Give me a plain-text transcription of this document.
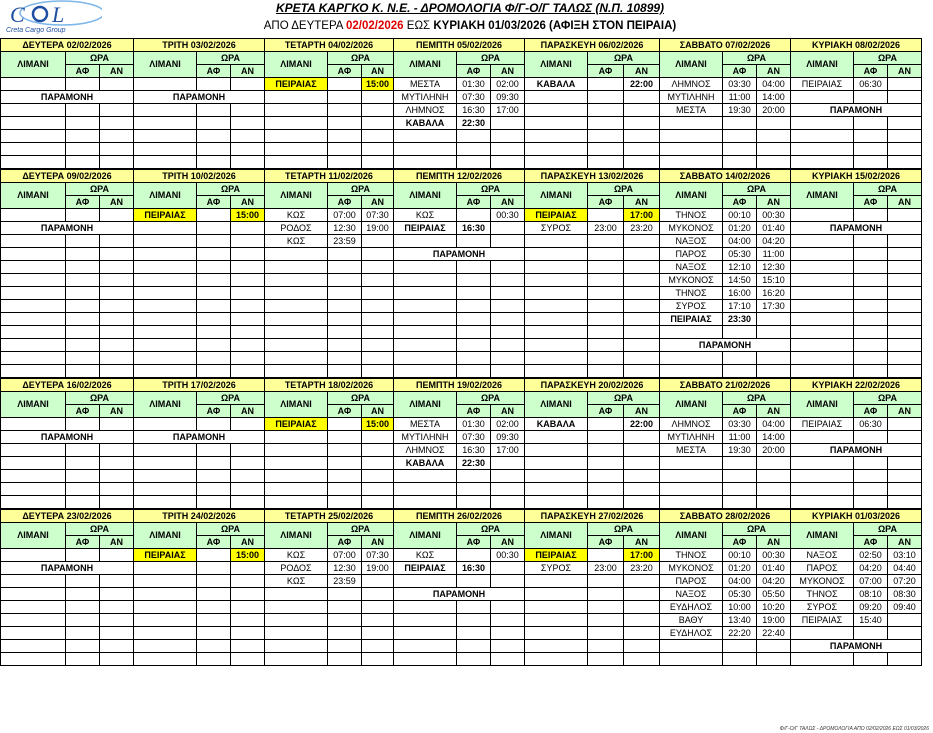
C L
Creta Cargo Group
ΚΡΕΤΑ ΚΑΡΓΚΟ Κ. Ν.Ε. - ΔΡΟΜΟΛΟΓΙΑ Φ/Γ-Ο/Γ ΤΑΛΩΣ (Ν.Π. 10899)
ΑΠΟ ΔΕΥΤΕΡΑ 02/02/2026 ΕΩΣ ΚΥΡΙΑΚΗ 01/03/2026 (ΑΦΙΞΗ ΣΤΟΝ ΠΕΙΡΑΙΑ)
ΔΕΥΤΕΡΑ 02/02/2026			ΤΡΙΤΗ 03/02/2026			ΤΕΤΑΡΤΗ 04/02/2026			ΠΕΜΠΤΗ 05/02/2026			ΠΑΡΑΣΚΕΥΗ 06/02/2026			ΣΑΒΒΑΤΟ 07/02/2026			ΚΥΡΙΑΚΗ 08/02/2026		
ΛΙΜΑΝΙ	ΩΡΑ		ΛΙΜΑΝΙ	ΩΡΑ		ΛΙΜΑΝΙ	ΩΡΑ		ΛΙΜΑΝΙ	ΩΡΑ		ΛΙΜΑΝΙ	ΩΡΑ		ΛΙΜΑΝΙ	ΩΡΑ		ΛΙΜΑΝΙ	ΩΡΑ	
	ΑΦ	ΑΝ		ΑΦ	ΑΝ		ΑΦ	ΑΝ		ΑΦ	ΑΝ		ΑΦ	ΑΝ		ΑΦ	ΑΝ		ΑΦ	ΑΝ
						ΠΕΙΡΑΙΑΣ		15:00	ΜΕΣΤΑ	01:30	02:00	ΚΑΒΑΛΑ		22:00	ΛΗΜΝΟΣ	03:30	04:00	ΠΕΙΡΑΙΑΣ	06:30	
ΠΑΡΑΜΟΝΗ			ΠΑΡΑΜΟΝΗ						ΜΥΤΙΛΗΝΗ	07:30	09:30				ΜΥΤΙΛΗΝΗ	11:00	14:00			
									ΛΗΜΝΟΣ	16:30	17:00				ΜΕΣΤΑ	19:30	20:00	ΠΑΡΑΜΟΝΗ		
									ΚΑΒΑΛΑ	22:30										

ΔΕΥΤΕΡΑ 09/02/2026			ΤΡΙΤΗ 10/02/2026			ΤΕΤΑΡΤΗ 11/02/2026			ΠΕΜΠΤΗ 12/02/2026			ΠΑΡΑΣΚΕΥΗ 13/02/2026			ΣΑΒΒΑΤΟ 14/02/2026			ΚΥΡΙΑΚΗ 15/02/2026		
ΛΙΜΑΝΙ	ΩΡΑ		ΛΙΜΑΝΙ	ΩΡΑ		ΛΙΜΑΝΙ	ΩΡΑ		ΛΙΜΑΝΙ	ΩΡΑ		ΛΙΜΑΝΙ	ΩΡΑ		ΛΙΜΑΝΙ	ΩΡΑ		ΛΙΜΑΝΙ	ΩΡΑ	
	ΑΦ	ΑΝ		ΑΦ	ΑΝ		ΑΦ	ΑΝ		ΑΦ	ΑΝ		ΑΦ	ΑΝ		ΑΦ	ΑΝ		ΑΦ	ΑΝ
			ΠΕΙΡΑΙΑΣ		15:00	ΚΩΣ	07:00	07:30	ΚΩΣ		00:30	ΠΕΙΡΑΙΑΣ		17:00	ΤΗΝΟΣ	00:10	00:30			
ΠΑΡΑΜΟΝΗ						ΡΟΔΟΣ	12:30	19:00	ΠΕΙΡΑΙΑΣ	16:30		ΣΥΡΟΣ	23:00	23:20	ΜΥΚΟΝΟΣ	01:20	01:40	ΠΑΡΑΜΟΝΗ		
						ΚΩΣ	23:59								ΝΑΞΟΣ	04:00	04:20			
									ΠΑΡΑΜΟΝΗ						ΠΑΡΟΣ	05:30	11:00			
															ΝΑΞΟΣ	12:10	12:30			
															ΜΥΚΟΝΟΣ	14:50	15:10			
															ΤΗΝΟΣ	16:00	16:20			
															ΣΥΡΟΣ	17:10	17:30			
															ΠΕΙΡΑΙΑΣ	23:30				

															ΠΑΡΑΜΟΝΗ					

ΔΕΥΤΕΡΑ 16/02/2026			ΤΡΙΤΗ 17/02/2026			ΤΕΤΑΡΤΗ 18/02/2026			ΠΕΜΠΤΗ 19/02/2026			ΠΑΡΑΣΚΕΥΗ 20/02/2026			ΣΑΒΒΑΤΟ 21/02/2026			ΚΥΡΙΑΚΗ 22/02/2026		
ΛΙΜΑΝΙ	ΩΡΑ		ΛΙΜΑΝΙ	ΩΡΑ		ΛΙΜΑΝΙ	ΩΡΑ		ΛΙΜΑΝΙ	ΩΡΑ		ΛΙΜΑΝΙ	ΩΡΑ		ΛΙΜΑΝΙ	ΩΡΑ		ΛΙΜΑΝΙ	ΩΡΑ	
	ΑΦ	ΑΝ		ΑΦ	ΑΝ		ΑΦ	ΑΝ		ΑΦ	ΑΝ		ΑΦ	ΑΝ		ΑΦ	ΑΝ		ΑΦ	ΑΝ
						ΠΕΙΡΑΙΑΣ		15:00	ΜΕΣΤΑ	01:30	02:00	ΚΑΒΑΛΑ		22:00	ΛΗΜΝΟΣ	03:30	04:00	ΠΕΙΡΑΙΑΣ	06:30	
ΠΑΡΑΜΟΝΗ			ΠΑΡΑΜΟΝΗ						ΜΥΤΙΛΗΝΗ	07:30	09:30				ΜΥΤΙΛΗΝΗ	11:00	14:00			
									ΛΗΜΝΟΣ	16:30	17:00				ΜΕΣΤΑ	19:30	20:00	ΠΑΡΑΜΟΝΗ		
									ΚΑΒΑΛΑ	22:30										

ΔΕΥΤΕΡΑ 23/02/2026			ΤΡΙΤΗ 24/02/2026			ΤΕΤΑΡΤΗ 25/02/2026			ΠΕΜΠΤΗ 26/02/2026			ΠΑΡΑΣΚΕΥΗ 27/02/2026			ΣΑΒΒΑΤΟ 28/02/2026			ΚΥΡΙΑΚΗ 01/03/2026		
ΛΙΜΑΝΙ	ΩΡΑ		ΛΙΜΑΝΙ	ΩΡΑ		ΛΙΜΑΝΙ	ΩΡΑ		ΛΙΜΑΝΙ	ΩΡΑ		ΛΙΜΑΝΙ	ΩΡΑ		ΛΙΜΑΝΙ	ΩΡΑ		ΛΙΜΑΝΙ	ΩΡΑ	
	ΑΦ	ΑΝ		ΑΦ	ΑΝ		ΑΦ	ΑΝ		ΑΦ	ΑΝ		ΑΦ	ΑΝ		ΑΦ	ΑΝ		ΑΦ	ΑΝ
			ΠΕΙΡΑΙΑΣ		15:00	ΚΩΣ	07:00	07:30	ΚΩΣ		00:30	ΠΕΙΡΑΙΑΣ		17:00	ΤΗΝΟΣ	00:10	00:30	ΝΑΞΟΣ	02:50	03:10
ΠΑΡΑΜΟΝΗ						ΡΟΔΟΣ	12:30	19:00	ΠΕΙΡΑΙΑΣ	16:30		ΣΥΡΟΣ	23:00	23:20	ΜΥΚΟΝΟΣ	01:20	01:40	ΠΑΡΟΣ	04:20	04:40
						ΚΩΣ	23:59								ΠΑΡΟΣ	04:00	04:20	ΜΥΚΟΝΟΣ	07:00	07:20
									ΠΑΡΑΜΟΝΗ						ΝΑΞΟΣ	05:30	05:50	ΤΗΝΟΣ	08:10	08:30
															ΕΥΔΗΛΟΣ	10:00	10:20	ΣΥΡΟΣ	09:20	09:40
															ΒΑΘΥ	13:40	19:00	ΠΕΙΡΑΙΑΣ	15:40	
															ΕΥΔΗΛΟΣ	22:20	22:40			
																		ΠΑΡΑΜΟΝΗ		

Φ/Γ-Ο/Γ ΤΑΛΩΣ - ΔΡΟΜΟΛΟΓΙΑ ΑΠΟ 02/02/2026 ΕΩΣ 01/03/2026
